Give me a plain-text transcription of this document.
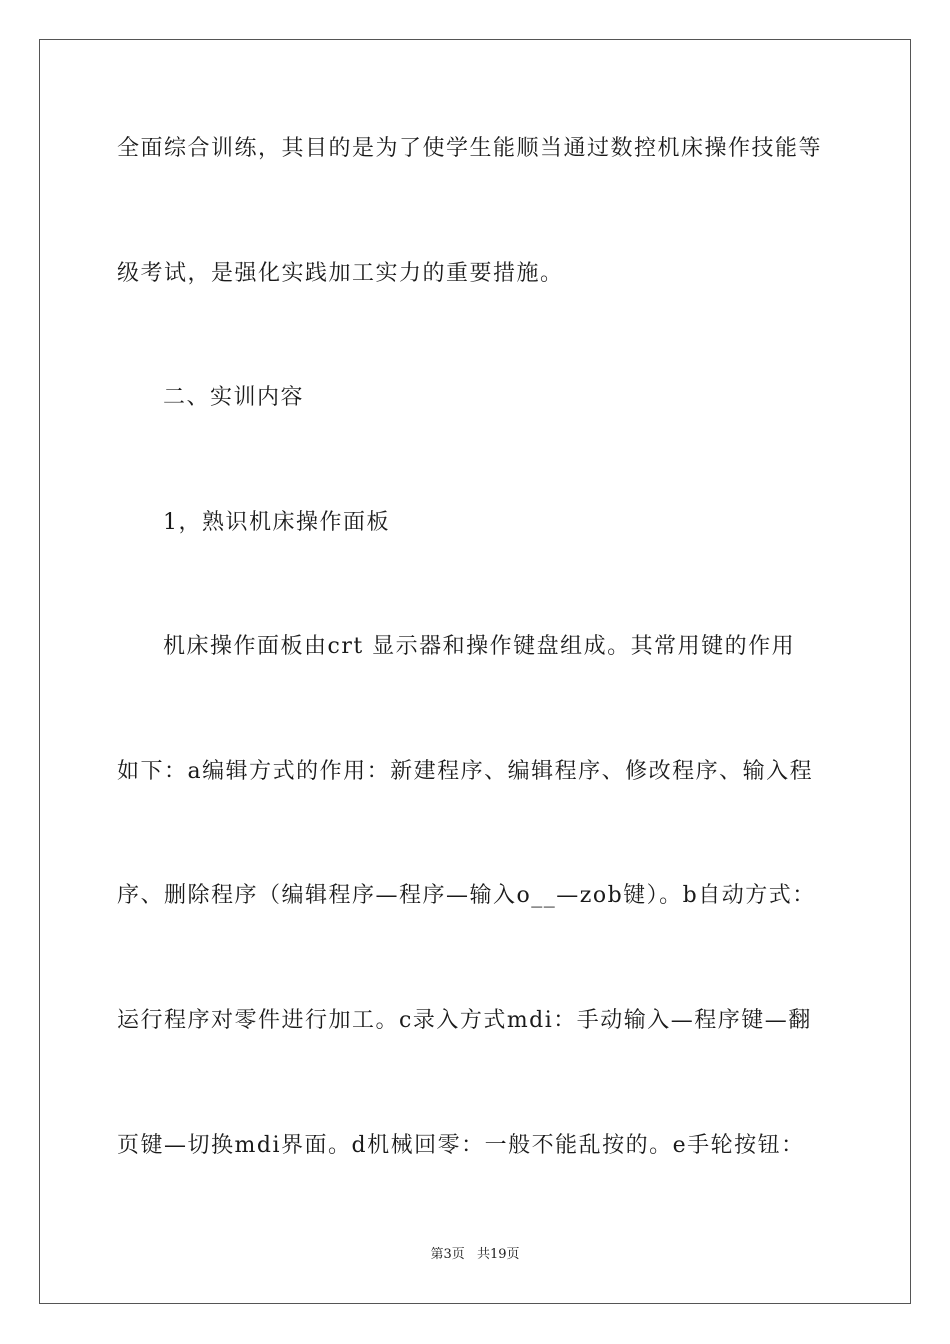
全面综合训练，其目的是为了使学生能顺当通过数控机床操作技能等
级考试，是强化实践加工实力的重要措施。
二、实训内容
1，熟识机床操作面板
机床操作面板由crt 显示器和操作键盘组成。其常用键的作用
如下：a编辑方式的作用：新建程序、编辑程序、修改程序、输入程
序、删除程序（编辑程序—程序—输入o__—zob键）。b自动方式：
运行程序对零件进行加工。c录入方式mdi：手动输入—程序键—翻
页键—切换mdi界面。d机械回零：一般不能乱按的。e手轮按钮：
第3页 共19页
